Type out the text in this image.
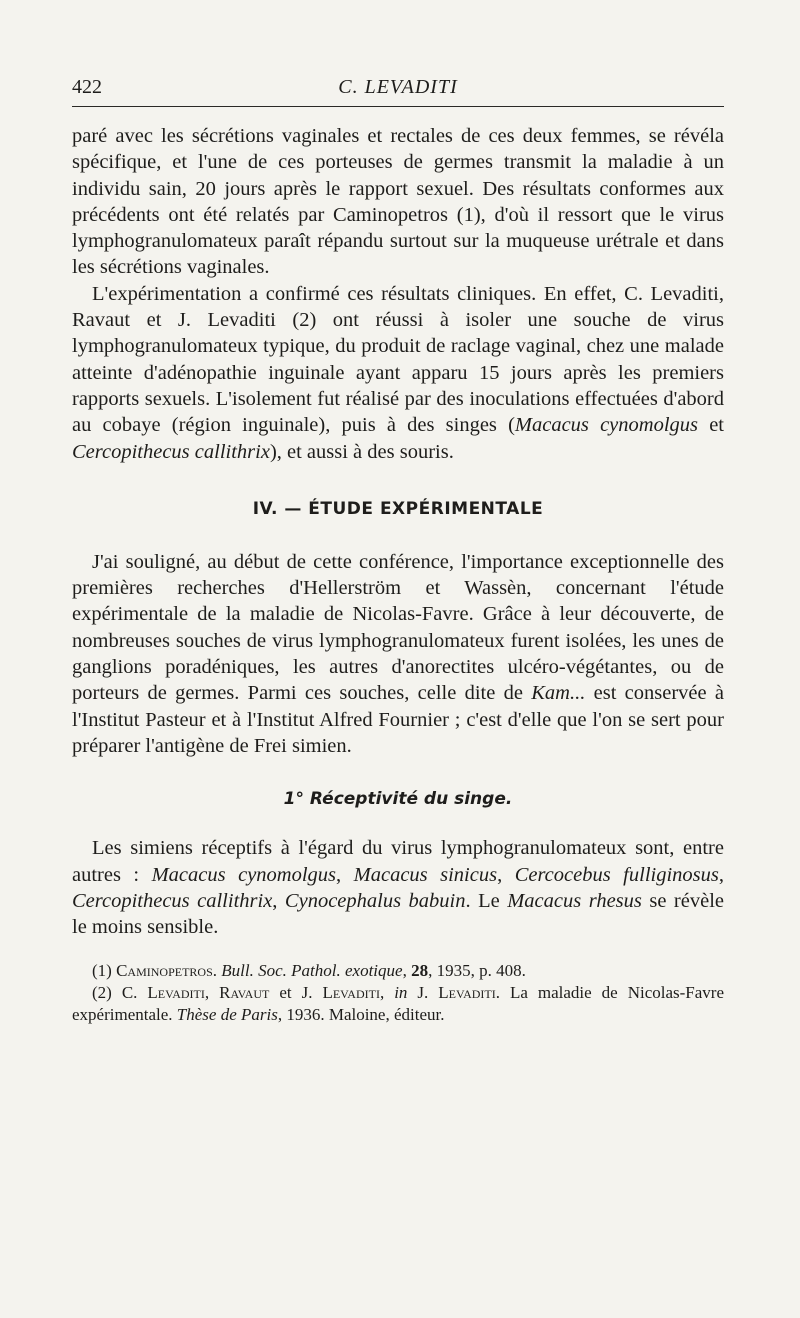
422	C. LEVADITI

paré avec les sécrétions vaginales et rectales de ces deux femmes, se révéla spécifique, et l'une de ces porteuses de germes transmit la maladie à un individu sain, 20 jours après le rapport sexuel. Des résultats conformes aux précédents ont été relatés par Caminopetros (1), d'où il ressort que le virus lymphogranulomateux paraît répandu surtout sur la muqueuse urétrale et dans les sécrétions vaginales.

L'expérimentation a confirmé ces résultats cliniques. En effet, C. Levaditi, Ravaut et J. Levaditi (2) ont réussi à isoler une souche de virus lymphogranulomateux typique, du produit de raclage vaginal, chez une malade atteinte d'adénopathie inguinale ayant apparu 15 jours après les premiers rapports sexuels. L'isolement fut réalisé par des inoculations effectuées d'abord au cobaye (région inguinale), puis à des singes (Macacus cynomolgus et Cercopithecus callithrix), et aussi à des souris.

IV. — ÉTUDE EXPÉRIMENTALE

J'ai souligné, au début de cette conférence, l'importance exceptionnelle des premières recherches d'Hellerström et Wassèn, concernant l'étude expérimentale de la maladie de Nicolas-Favre. Grâce à leur découverte, de nombreuses souches de virus lymphogranulomateux furent isolées, les unes de ganglions poradéniques, les autres d'anorectites ulcéro-végétantes, ou de porteurs de germes. Parmi ces souches, celle dite de Kam... est conservée à l'Institut Pasteur et à l'Institut Alfred Fournier ; c'est d'elle que l'on se sert pour préparer l'antigène de Frei simien.

1° Réceptivité du singe.

Les simiens réceptifs à l'égard du virus lymphogranulomateux sont, entre autres : Macacus cynomolgus, Macacus sinicus, Cercocebus fulliginosus, Cercopithecus callithrix, Cynocephalus babuin. Le Macacus rhesus se révèle le moins sensible.

(1) Caminopetros. Bull. Soc. Pathol. exotique, 28, 1935, p. 408.

(2) C. Levaditi, Ravaut et J. Levaditi, in J. Levaditi. La maladie de Nicolas-Favre expérimentale. Thèse de Paris, 1936. Maloine, éditeur.
